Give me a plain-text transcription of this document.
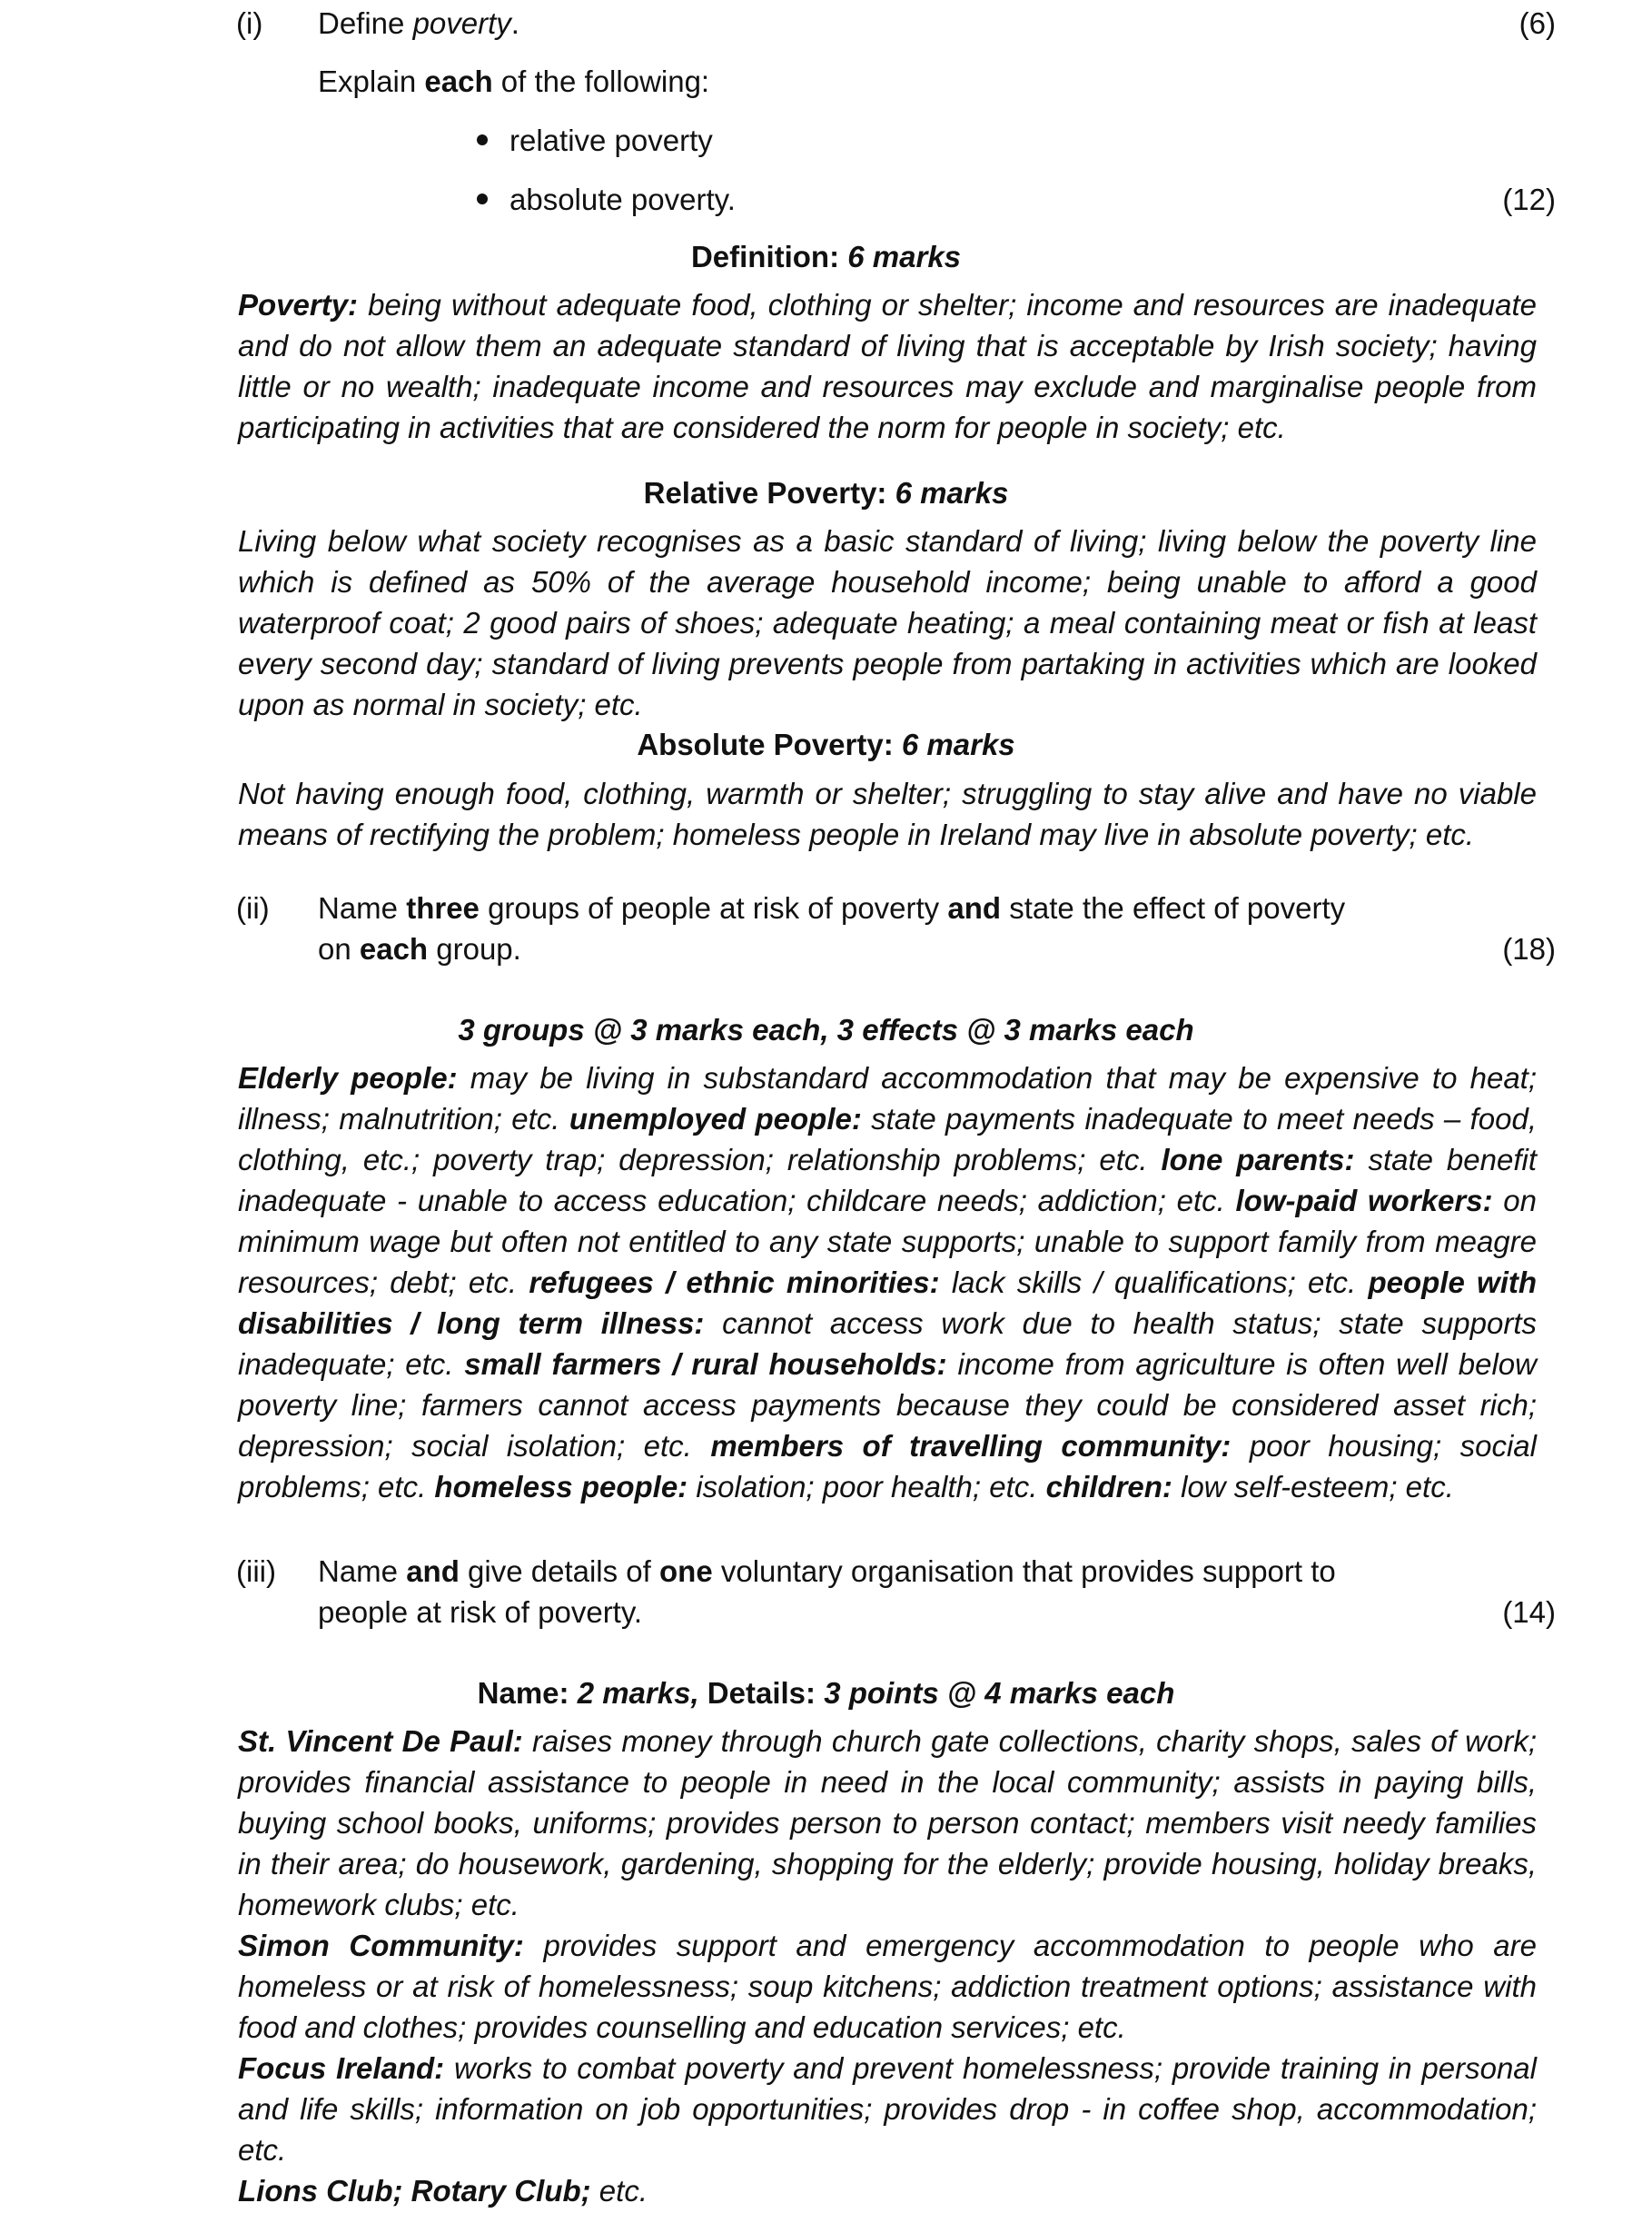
(i) Define poverty.	(6)
Explain each of the following:
relative poverty
absolute poverty.	(12)
Definition: 6 marks

Poverty: being without adequate food, clothing or shelter; income and resources are inadequate and do not allow them an adequate standard of living that is acceptable by Irish society; having little or no wealth; inadequate income and resources may exclude and marginalise people from participating in activities that are considered the norm for people in society; etc.

Relative Poverty: 6 marks

Living below what society recognises as a basic standard of living; living below the poverty line which is defined as 50% of the average household income; being unable to afford a good waterproof coat; 2 good pairs of shoes; adequate heating; a meal containing meat or fish at least every second day; standard of living prevents people from partaking in activities which are looked upon as normal in society; etc.

Absolute Poverty: 6 marks

Not having enough food, clothing, warmth or shelter; struggling to stay alive and have no viable means of rectifying the problem; homeless people in Ireland may live in absolute poverty; etc.

(ii) Name three groups of people at risk of poverty and state the effect of poverty
on each group.	(18)
3 groups @ 3 marks each, 3 effects @ 3 marks each

Elderly people: may be living in substandard accommodation that may be expensive to heat; illness; malnutrition; etc. unemployed people: state payments inadequate to meet needs – food, clothing, etc.; poverty trap; depression; relationship problems; etc. lone parents: state benefit inadequate - unable to access education; childcare needs; addiction; etc. low-paid workers: on minimum wage but often not entitled to any state supports; unable to support family from meagre resources; debt; etc. refugees / ethnic minorities: lack skills / qualifications; etc. people with disabilities / long term illness: cannot access work due to health status; state supports inadequate; etc. small farmers / rural households: income from agriculture is often well below poverty line; farmers cannot access payments because they could be considered asset rich; depression; social isolation; etc. members of travelling community: poor housing; social problems; etc. homeless people: isolation; poor health; etc. children: low self-esteem; etc.

(iii) Name and give details of one voluntary organisation that provides support to
people at risk of poverty.	(14)
Name: 2 marks, Details: 3 points @ 4 marks each

St. Vincent De Paul: raises money through church gate collections, charity shops, sales of work; provides financial assistance to people in need in the local community; assists in paying bills, buying school books, uniforms; provides person to person contact; members visit needy families in their area; do housework, gardening, shopping for the elderly; provide housing, holiday breaks, homework clubs; etc.

Simon Community: provides support and emergency accommodation to people who are homeless or at risk of homelessness; soup kitchens; addiction treatment options; assistance with food and clothes; provides counselling and education services; etc.

Focus Ireland: works to combat poverty and prevent homelessness; provide training in personal and life skills; information on job opportunities; provides drop - in coffee shop, accommodation; etc.

Lions Club; Rotary Club; etc.
